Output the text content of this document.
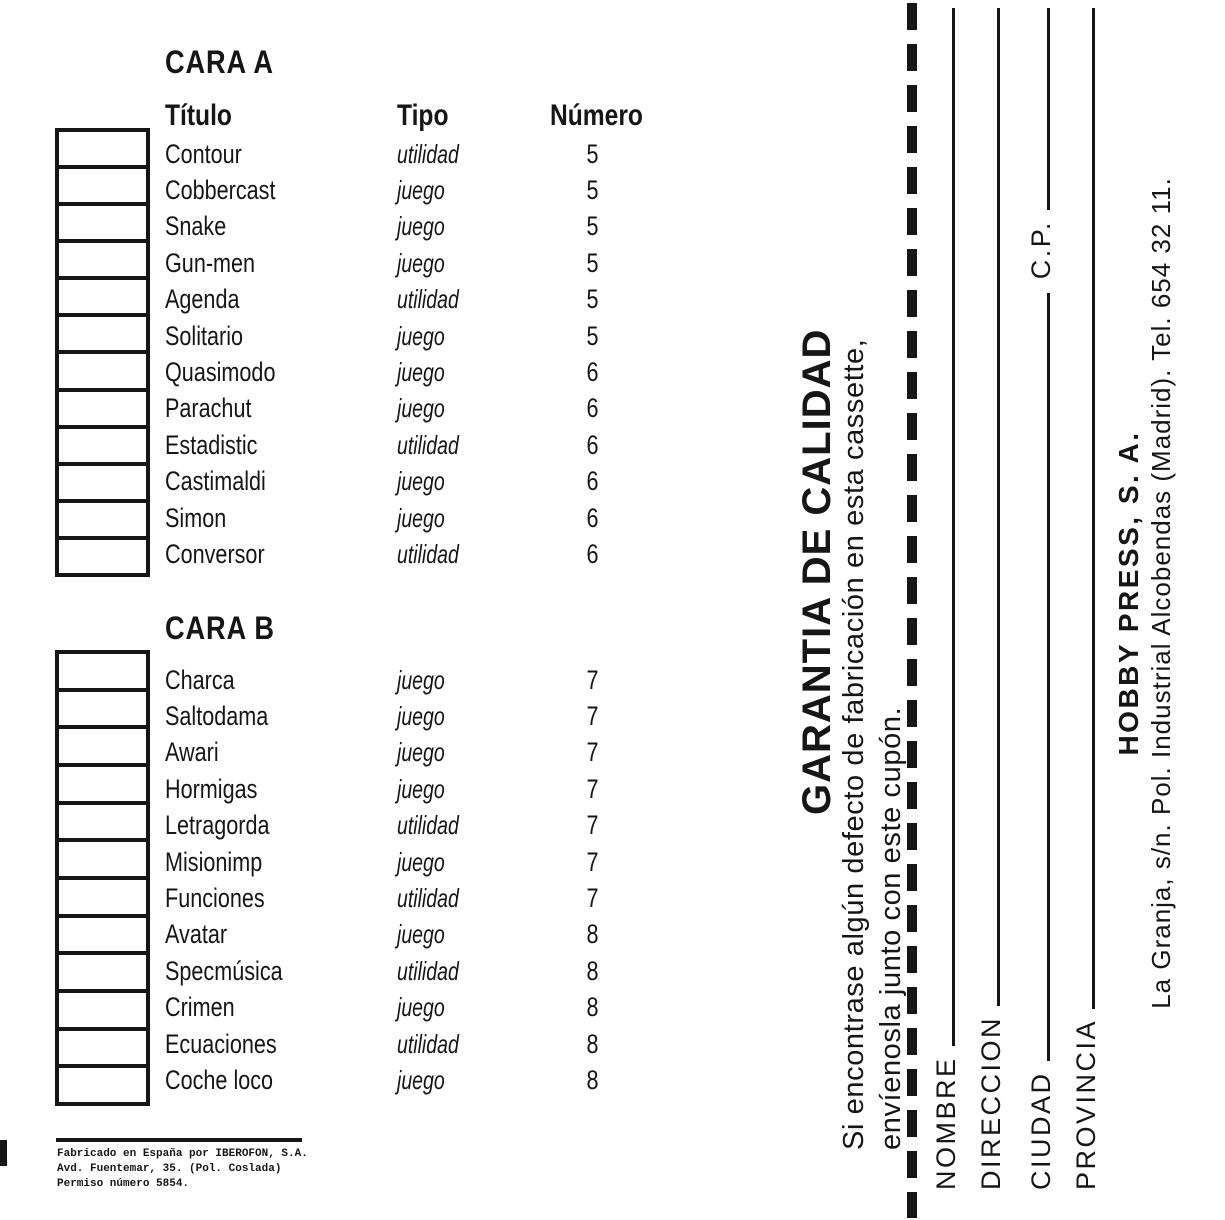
CARA A
Título	Tipo	Número
Contour	utilidad	5
Cobbercast	juego	5
Snake	juego	5
Gun-men	juego	5
Agenda	utilidad	5
Solitario	juego	5
Quasimodo	juego	6
Parachut	juego	6
Estadistic	utilidad	6
Castimaldi	juego	6
Simon	juego	6
Conversor	utilidad	6
CARA B
Charca	juego	7
Saltodama	juego	7
Awari	juego	7
Hormigas	juego	7
Letragorda	utilidad	7
Misionimp	juego	7
Funciones	utilidad	7
Avatar	juego	8
Specmúsica	utilidad	8
Crimen	juego	8
Ecuaciones	utilidad	8
Coche loco	juego	8
Fabricado en España por IBEROFON, S.A.
Avd. Fuentemar, 35. (Pol. Coslada)
Permiso número 5854.
GARANTIA DE CALIDAD Si encontrase algún defecto de fabricación en esta cassette, envíenosla junto con este cupón. NOMBRE DIRECCION CIUDAD
C.P.
PROVINCIA
HOBBY PRESS, S. A. La Granja, s/n. Pol. Industrial Alcobendas (Madrid). Tel. 654 32 11.
